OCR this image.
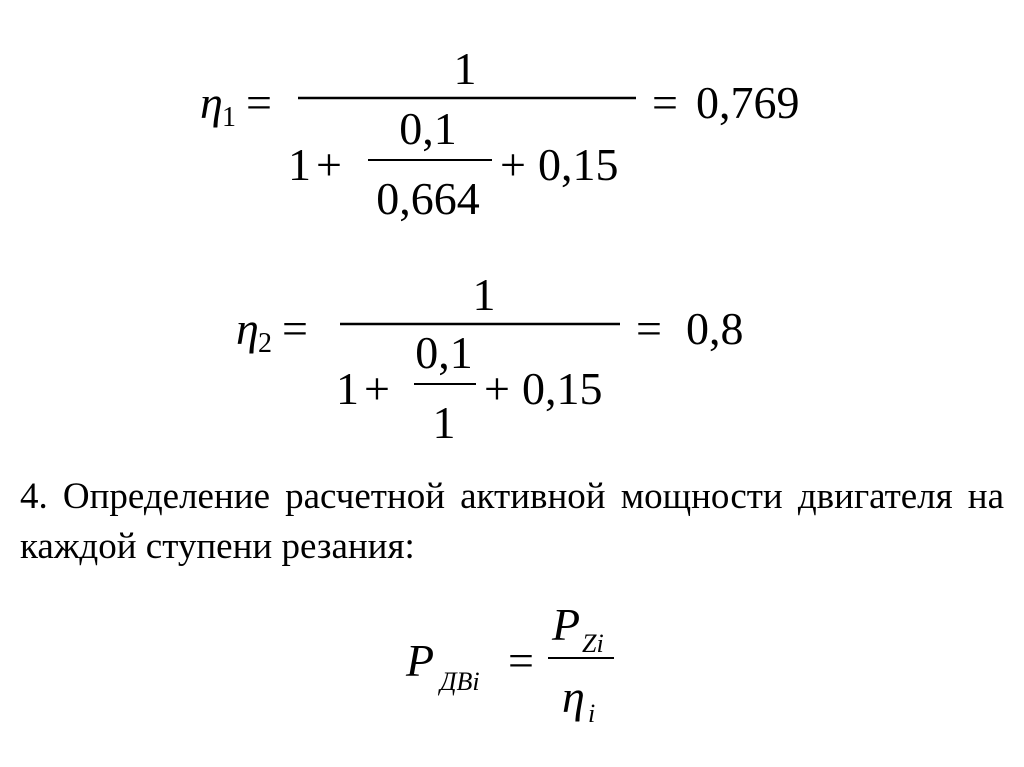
η 1 =
1
1 +
0,1
0,664
+ 0,15
= 0,769
η 2 =
1
1 +
0,1
1
+ 0,15
= 0,8
P ДВi =
P Zi
η i

4. Определение расчетной активной мощности двигателя на каждой ступени резания:
